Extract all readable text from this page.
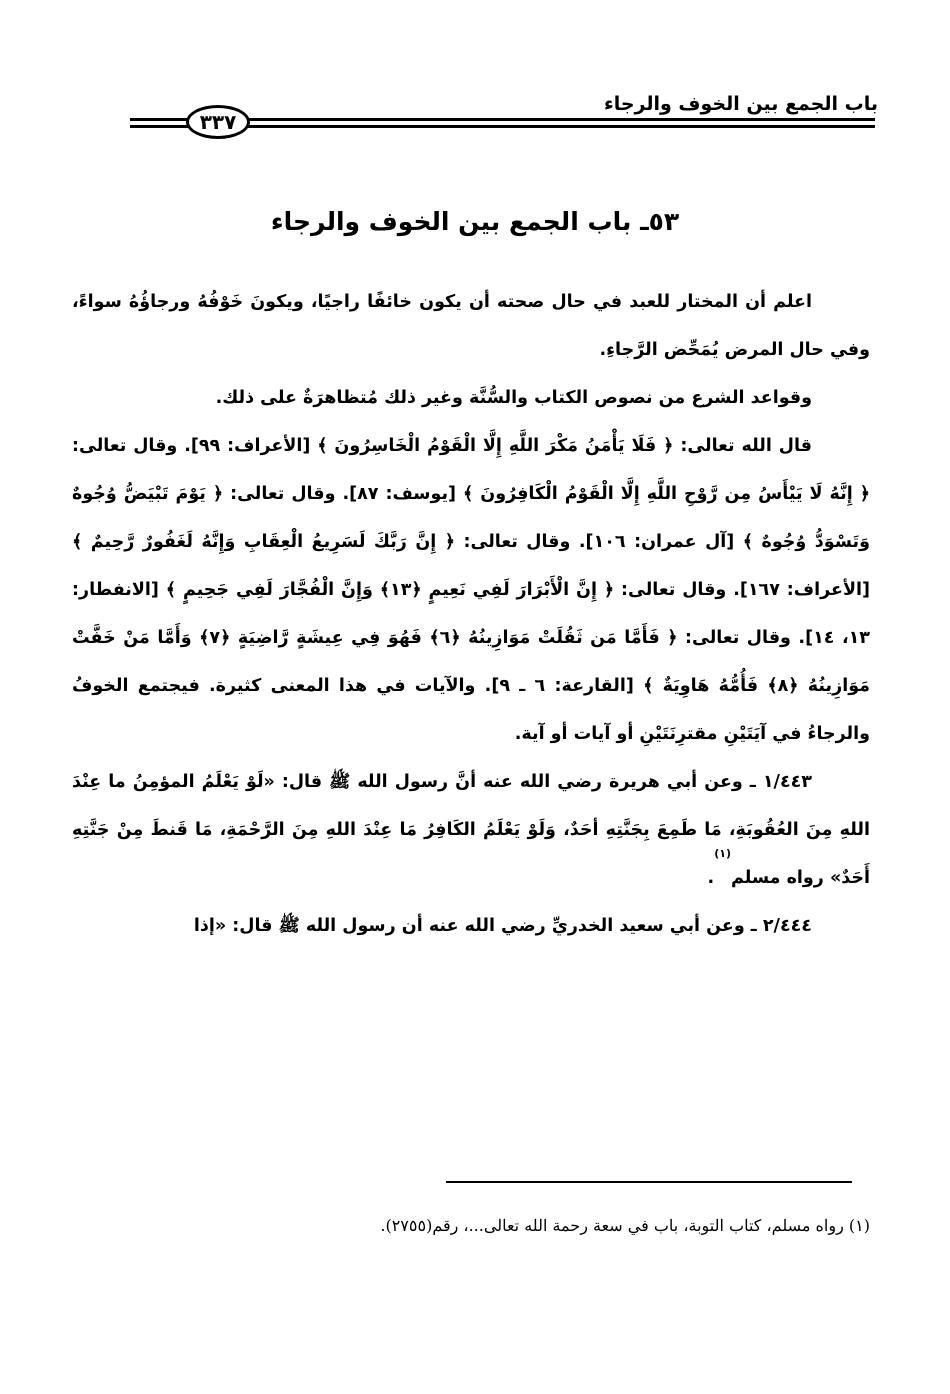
باب الجمع بين الخوف والرجاء
٣٣٧
٥٣ـ باب الجمع بين الخوف والرجاء

اعلم أن المختار للعبد في حال صحته أن يكون خائفًا راجيًا، ويكونَ خَوْفُهُ ورجاؤُهُ سواءً، وفي حال المرض يُمَحِّض الرَّجاءِ.

وقواعد الشرع من نصوص الكتاب والسُّنَّة وغير ذلك مُتظاهرَةٌ على ذلك.

قال الله تعالى: ﴿ فَلَا يَأْمَنُ مَكْرَ اللَّهِ إِلَّا الْقَوْمُ الْخَاسِرُونَ ﴾ [الأعراف: ٩٩]. وقال تعالى: ﴿ إِنَّهُ لَا يَيْأَسُ مِن رَّوْحِ اللَّهِ إِلَّا الْقَوْمُ الْكَافِرُونَ ﴾ [يوسف: ٨٧]. وقال تعالى: ﴿ يَوْمَ تَبْيَضُّ وُجُوهٌ وَتَسْوَدُّ وُجُوهٌ ﴾ [آل عمران: ١٠٦]. وقال تعالى: ﴿ إِنَّ رَبَّكَ لَسَرِيعُ الْعِقَابِ وَإِنَّهُ لَغَفُورٌ رَّحِيمٌ ﴾ [الأعراف: ١٦٧]. وقال تعالى: ﴿ إِنَّ الْأَبْرَارَ لَفِي نَعِيمٍ ﴿١٣﴾ وَإِنَّ الْفُجَّارَ لَفِي جَحِيمٍ ﴾ [الانفطار: ١٣، ١٤]. وقال تعالى: ﴿ فَأَمَّا مَن ثَقُلَتْ مَوَازِينُهُ ﴿٦﴾ فَهُوَ فِي عِيشَةٍ رَّاضِيَةٍ ﴿٧﴾ وَأَمَّا مَنْ خَفَّتْ مَوَازِينُهُ ﴿٨﴾ فَأُمُّهُ هَاوِيَةٌ ﴾ [القارعة: ٦ ـ ٩]. والآيات في هذا المعنى كثيرة. فيجتمع الخوفُ والرجاءُ في آيَتَيْنِ مقترِنَتَيْنِ أو آيات أو آية.

١/٤٤٣ ـ وعن أبي هريرة رضي الله عنه أنَّ رسول الله ﷺ قال: «لَوْ يَعْلَمُ المؤمِنُ ما عِنْدَ اللهِ مِنَ العُقُوبَةِ، مَا طَمِعَ بِجَنَّتِهِ أحَدٌ، وَلَوْ يَعْلَمُ الكَافِرُ مَا عِنْدَ اللهِ مِنَ الرَّحْمَةِ، مَا قَنطَ مِنْ جَنَّتِهِ أَحَدٌ» رواه مسلم$^{(١)}$.

٢/٤٤٤ ـ وعن أبي سعيد الخدريِّ رضي الله عنه أن رسول الله ﷺ قال: «إذا

(١) رواه مسلم، كتاب التوبة، باب في سعة رحمة الله تعالى...، رقم(٢٧٥٥).
